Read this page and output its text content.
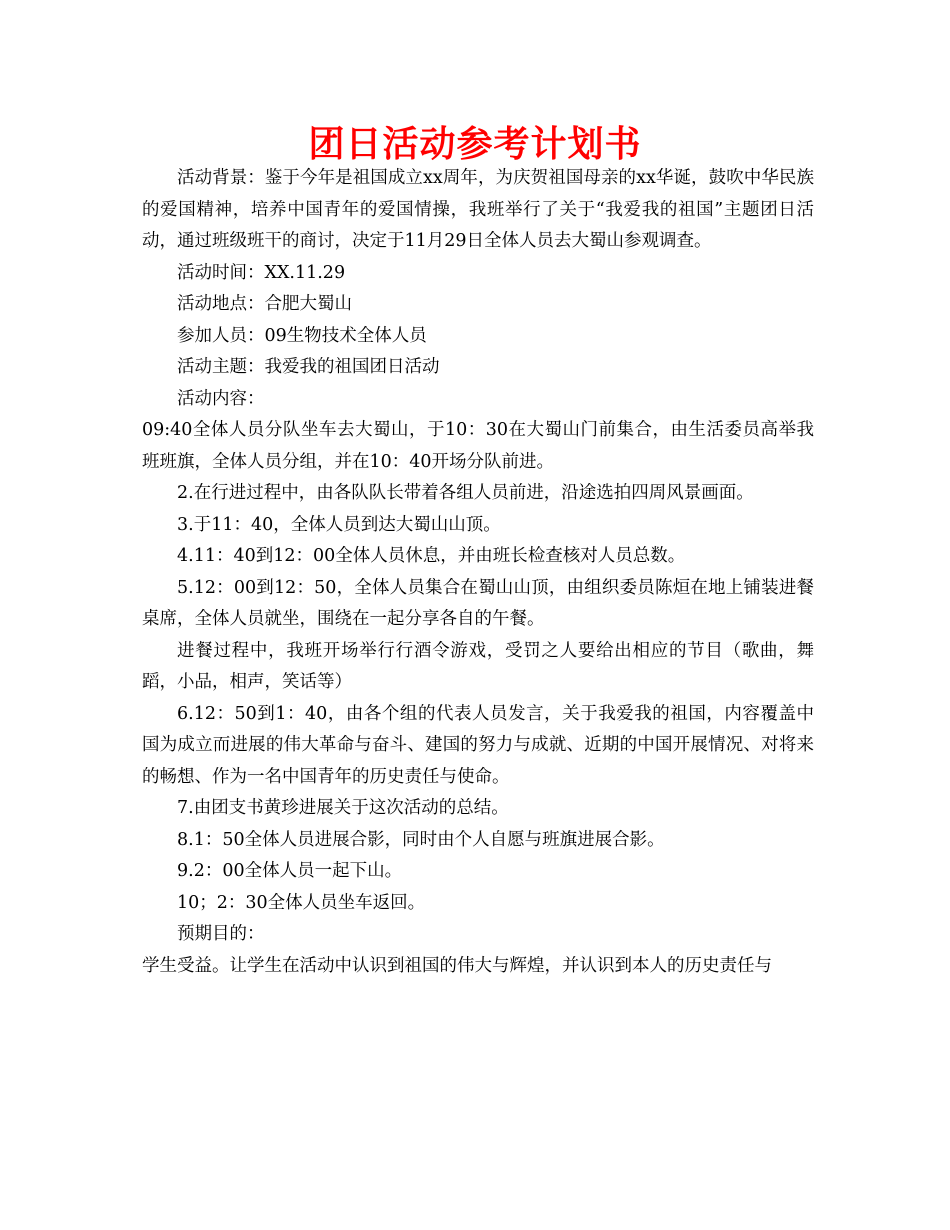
团日活动参考计划书

活动背景：鉴于今年是祖国成立xx周年，为庆贺祖国母亲的xx华诞，鼓吹中华民族的爱国精神，培养中国青年的爱国情操，我班举行了关于“我爱我的祖国”主题团日活动，通过班级班干的商讨，决定于11月29日全体人员去大蜀山参观调查。

活动时间：XX.11.29

活动地点：合肥大蜀山

参加人员：09生物技术全体人员

活动主题：我爱我的祖国团日活动

活动内容：

09:40全体人员分队坐车去大蜀山，于10：30在大蜀山门前集合，由生活委员高举我班班旗，全体人员分组，并在10：40开场分队前进。

2.在行进过程中，由各队队长带着各组人员前进，沿途选拍四周风景画面。

3.于11：40，全体人员到达大蜀山山顶。

4.11：40到12：00全体人员休息，并由班长检查核对人员总数。

5.12：00到12：50，全体人员集合在蜀山山顶，由组织委员陈烜在地上铺装进餐桌席，全体人员就坐，围绕在一起分享各自的午餐。

进餐过程中，我班开场举行行酒令游戏，受罚之人要给出相应的节目（歌曲，舞蹈，小品，相声，笑话等）

6.12：50到1：40，由各个组的代表人员发言，关于我爱我的祖国，内容覆盖中国为成立而进展的伟大革命与奋斗、建国的努力与成就、近期的中国开展情况、对将来的畅想、作为一名中国青年的历史责任与使命。

7.由团支书黄珍进展关于这次活动的总结。

8.1：50全体人员进展合影，同时由个人自愿与班旗进展合影。

9.2：00全体人员一起下山。

10；2：30全体人员坐车返回。

预期目的：

学生受益。让学生在活动中认识到祖国的伟大与辉煌，并认识到本人的历史责任与
